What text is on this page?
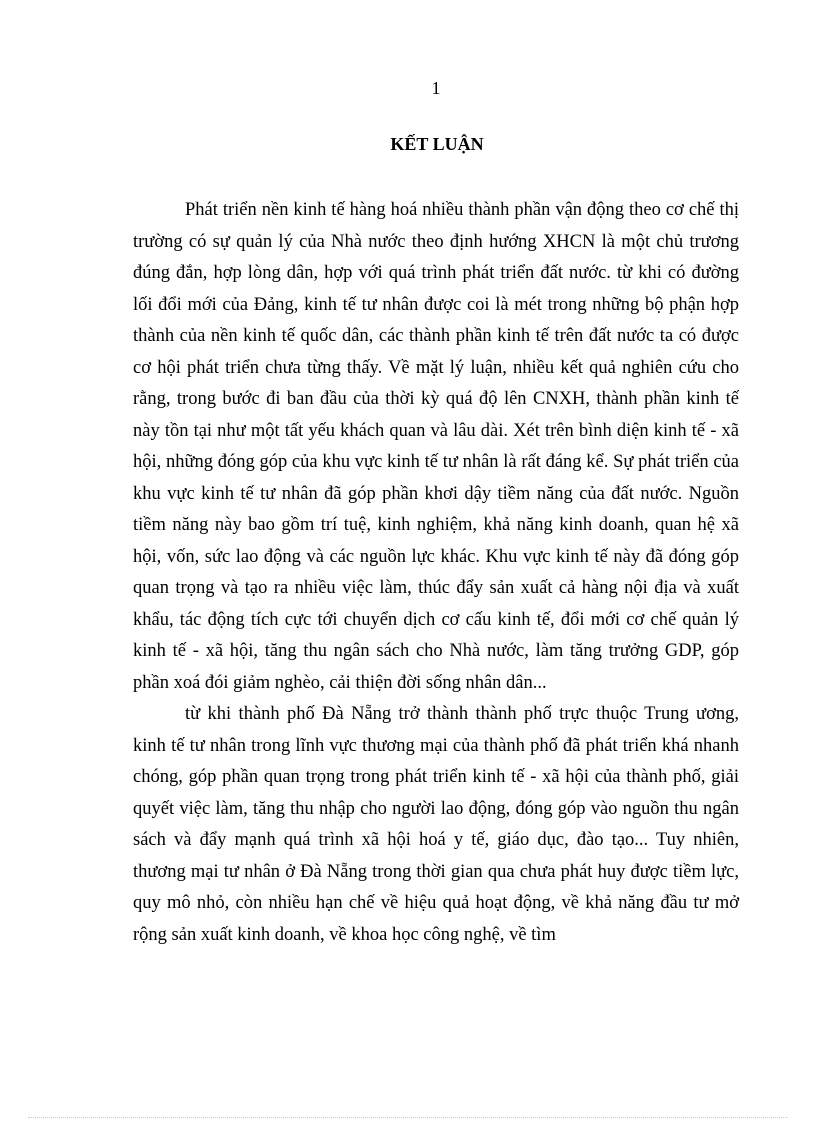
1
KẾT LUẬN

Phát triển nền kinh tế hàng hoá nhiều thành phần vận động theo cơ chế thị trường có sự quản lý của Nhà nước theo định hướng XHCN là một chủ trương đúng đắn, hợp lòng dân, hợp với quá trình phát triển đất nước. từ khi có đường lối đổi mới của Đảng, kinh tế tư nhân được coi là mét trong những bộ phận hợp thành của nền kinh tế quốc dân, các thành phần kinh tế trên đất nước ta có được cơ hội phát triển chưa từng thấy. Về mặt lý luận, nhiều kết quả nghiên cứu cho rằng, trong bước đi ban đầu của thời kỳ quá độ lên CNXH, thành phần kinh tế này tồn tại như một tất yếu khách quan và lâu dài. Xét trên bình diện kinh tế - xã hội, những đóng góp của khu vực kinh tế tư nhân là rất đáng kể. Sự phát triển của khu vực kinh tế tư nhân đã góp phần khơi dậy tiềm năng của đất nước. Nguồn tiềm năng này bao gồm trí tuệ, kinh nghiệm, khả năng kinh doanh, quan hệ xã hội, vốn, sức lao động và các nguồn lực khác. Khu vực kinh tế này đã đóng góp quan trọng và tạo ra nhiều việc làm, thúc đẩy sản xuất cả hàng nội địa và xuất khẩu, tác động tích cực tới chuyển dịch cơ cấu kinh tế, đổi mới cơ chế quản lý kinh tế - xã hội, tăng thu ngân sách cho Nhà nước, làm tăng trưởng GDP, góp phần xoá đói giảm nghèo, cải thiện đời sống nhân dân...

từ khi thành phố Đà Nẵng trở thành thành phố trực thuộc Trung ương, kinh tế tư nhân trong lĩnh vực thương mại của thành phố đã phát triển khá nhanh chóng, góp phần quan trọng trong phát triển kinh tế - xã hội của thành phố, giải quyết việc làm, tăng thu nhập cho người lao động, đóng góp vào nguồn thu ngân sách và đẩy mạnh quá trình xã hội hoá y tế, giáo dục, đào tạo... Tuy nhiên, thương mại tư nhân ở Đà Nẵng trong thời gian qua chưa phát huy được tiềm lực, quy mô nhỏ, còn nhiều hạn chế về hiệu quả hoạt động, về khả năng đầu tư mở rộng sản xuất kinh doanh, về khoa học công nghệ, về tìm
